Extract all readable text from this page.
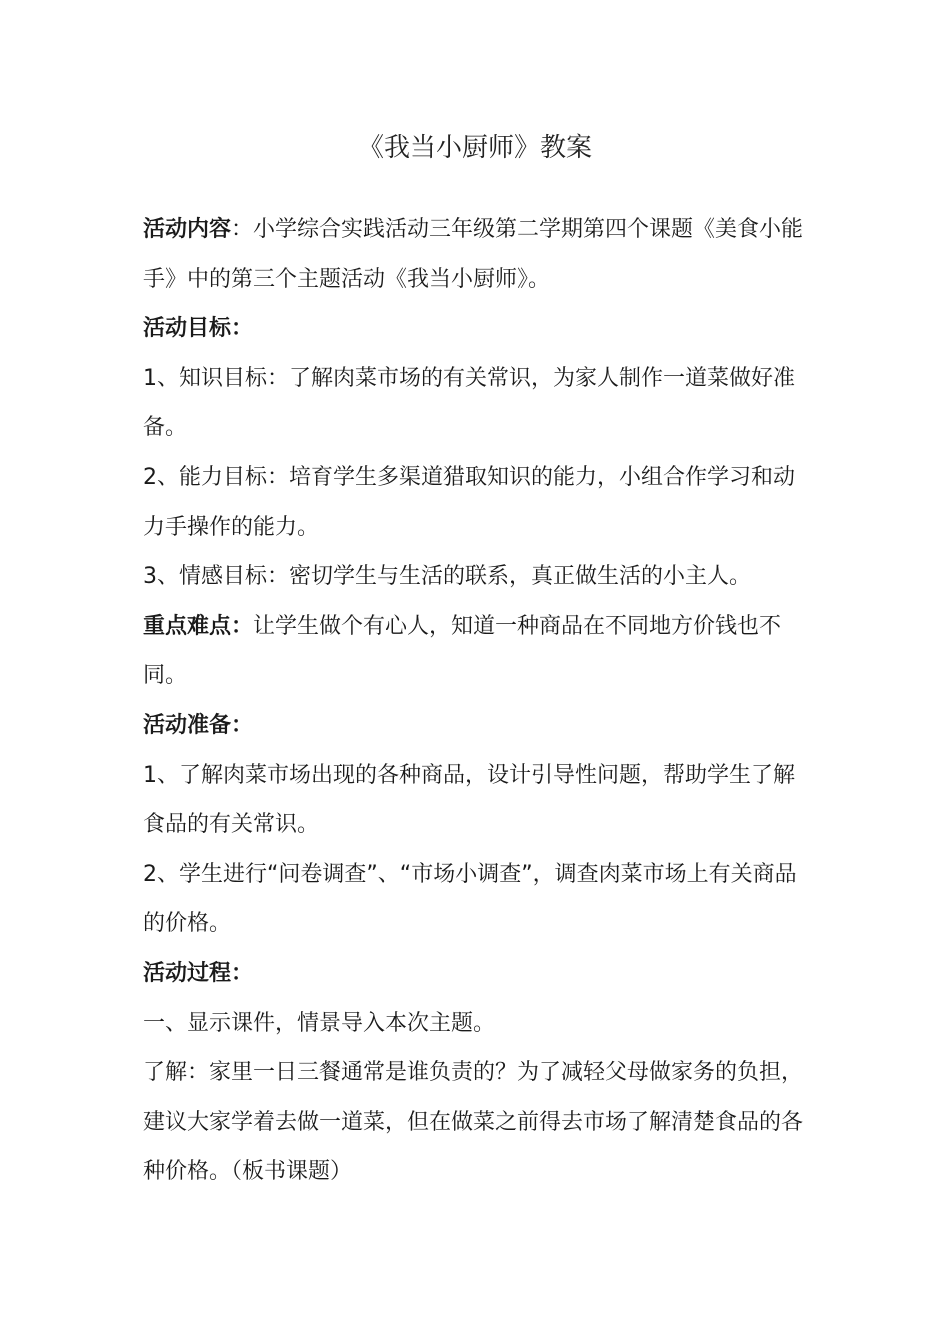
《我当小厨师》教案

活动内容：小学综合实践活动三年级第二学期第四个课题《美食小能手》中的第三个主题活动《我当小厨师》。

活动目标：

1、知识目标：了解肉菜市场的有关常识，为家人制作一道菜做好准备。

2、能力目标：培育学生多渠道猎取知识的能力，小组合作学习和动力手操作的能力。

3、情感目标：密切学生与生活的联系，真正做生活的小主人。

重点难点：让学生做个有心人，知道一种商品在不同地方价钱也不同。

活动准备：

1、了解肉菜市场出现的各种商品，设计引导性问题，帮助学生了解食品的有关常识。

2、学生进行“问卷调查”、“市场小调查”，调查肉菜市场上有关商品的价格。

活动过程：

一、显示课件，情景导入本次主题。

了解：家里一日三餐通常是谁负责的？为了减轻父母做家务的负担，建议大家学着去做一道菜，但在做菜之前得去市场了解清楚食品的各种价格。（板书课题）
